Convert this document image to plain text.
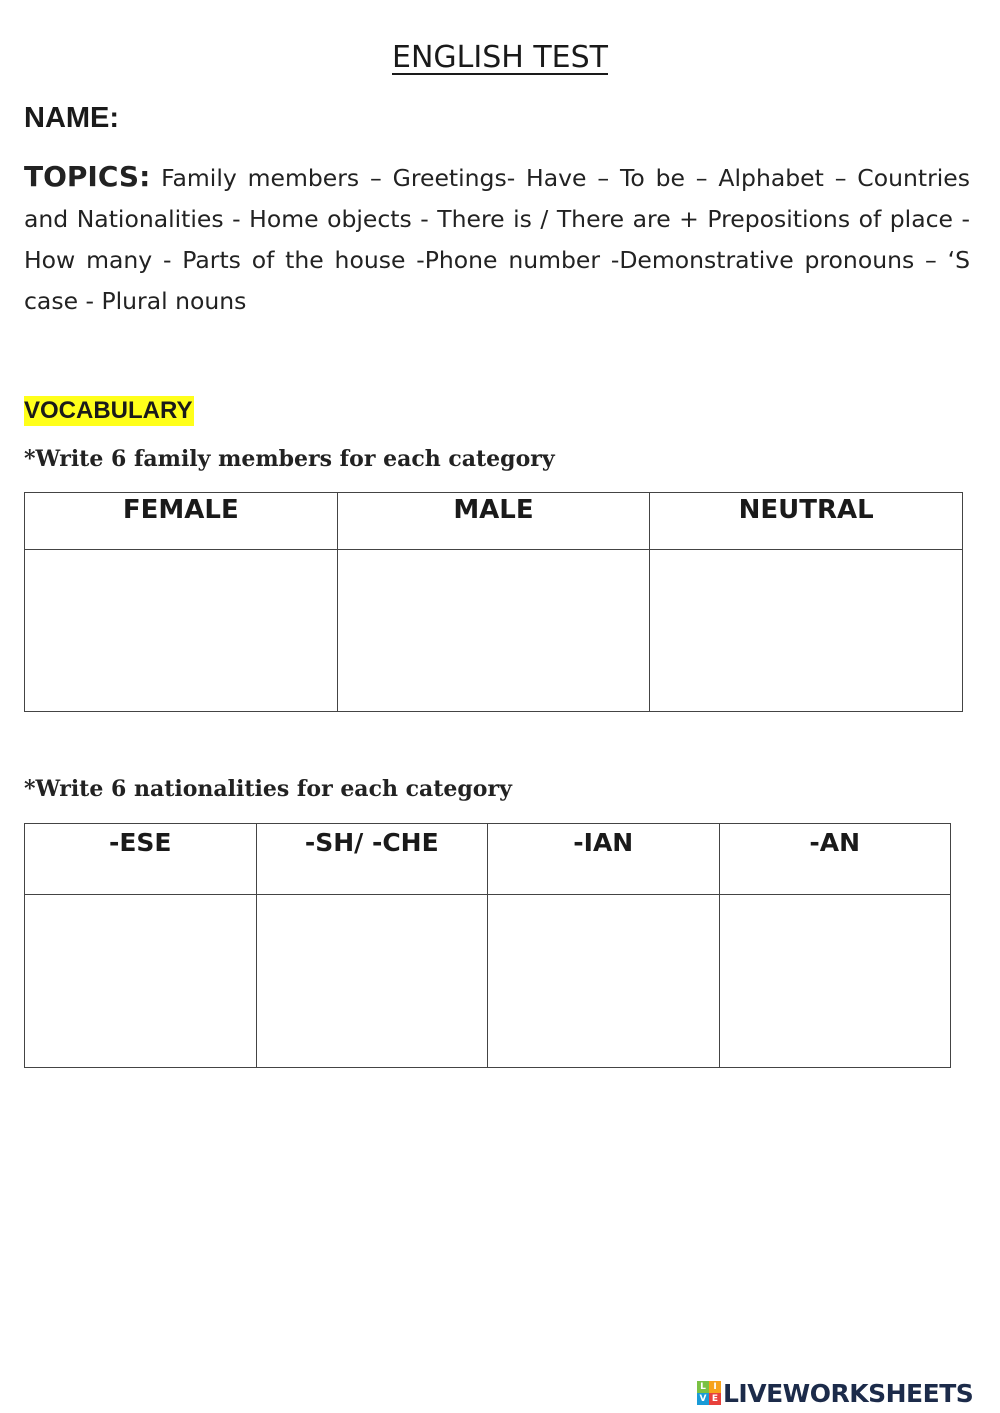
ENGLISH TEST
NAME:
TOPICS: Family members – Greetings- Have – To be – Alphabet – Countries and Nationalities - Home objects - There is / There are + Prepositions of place - How many - Parts of the house -Phone number -Demonstrative pronouns – ‘S case - Plural nouns
VOCABULARY
*Write 6 family members for each category
FEMALE	MALE	NEUTRAL

*Write 6 nationalities for each category
-ESE	-SH/ -CHE	-IAN	-AN

L I
V E LIVEWORKSHEETS
